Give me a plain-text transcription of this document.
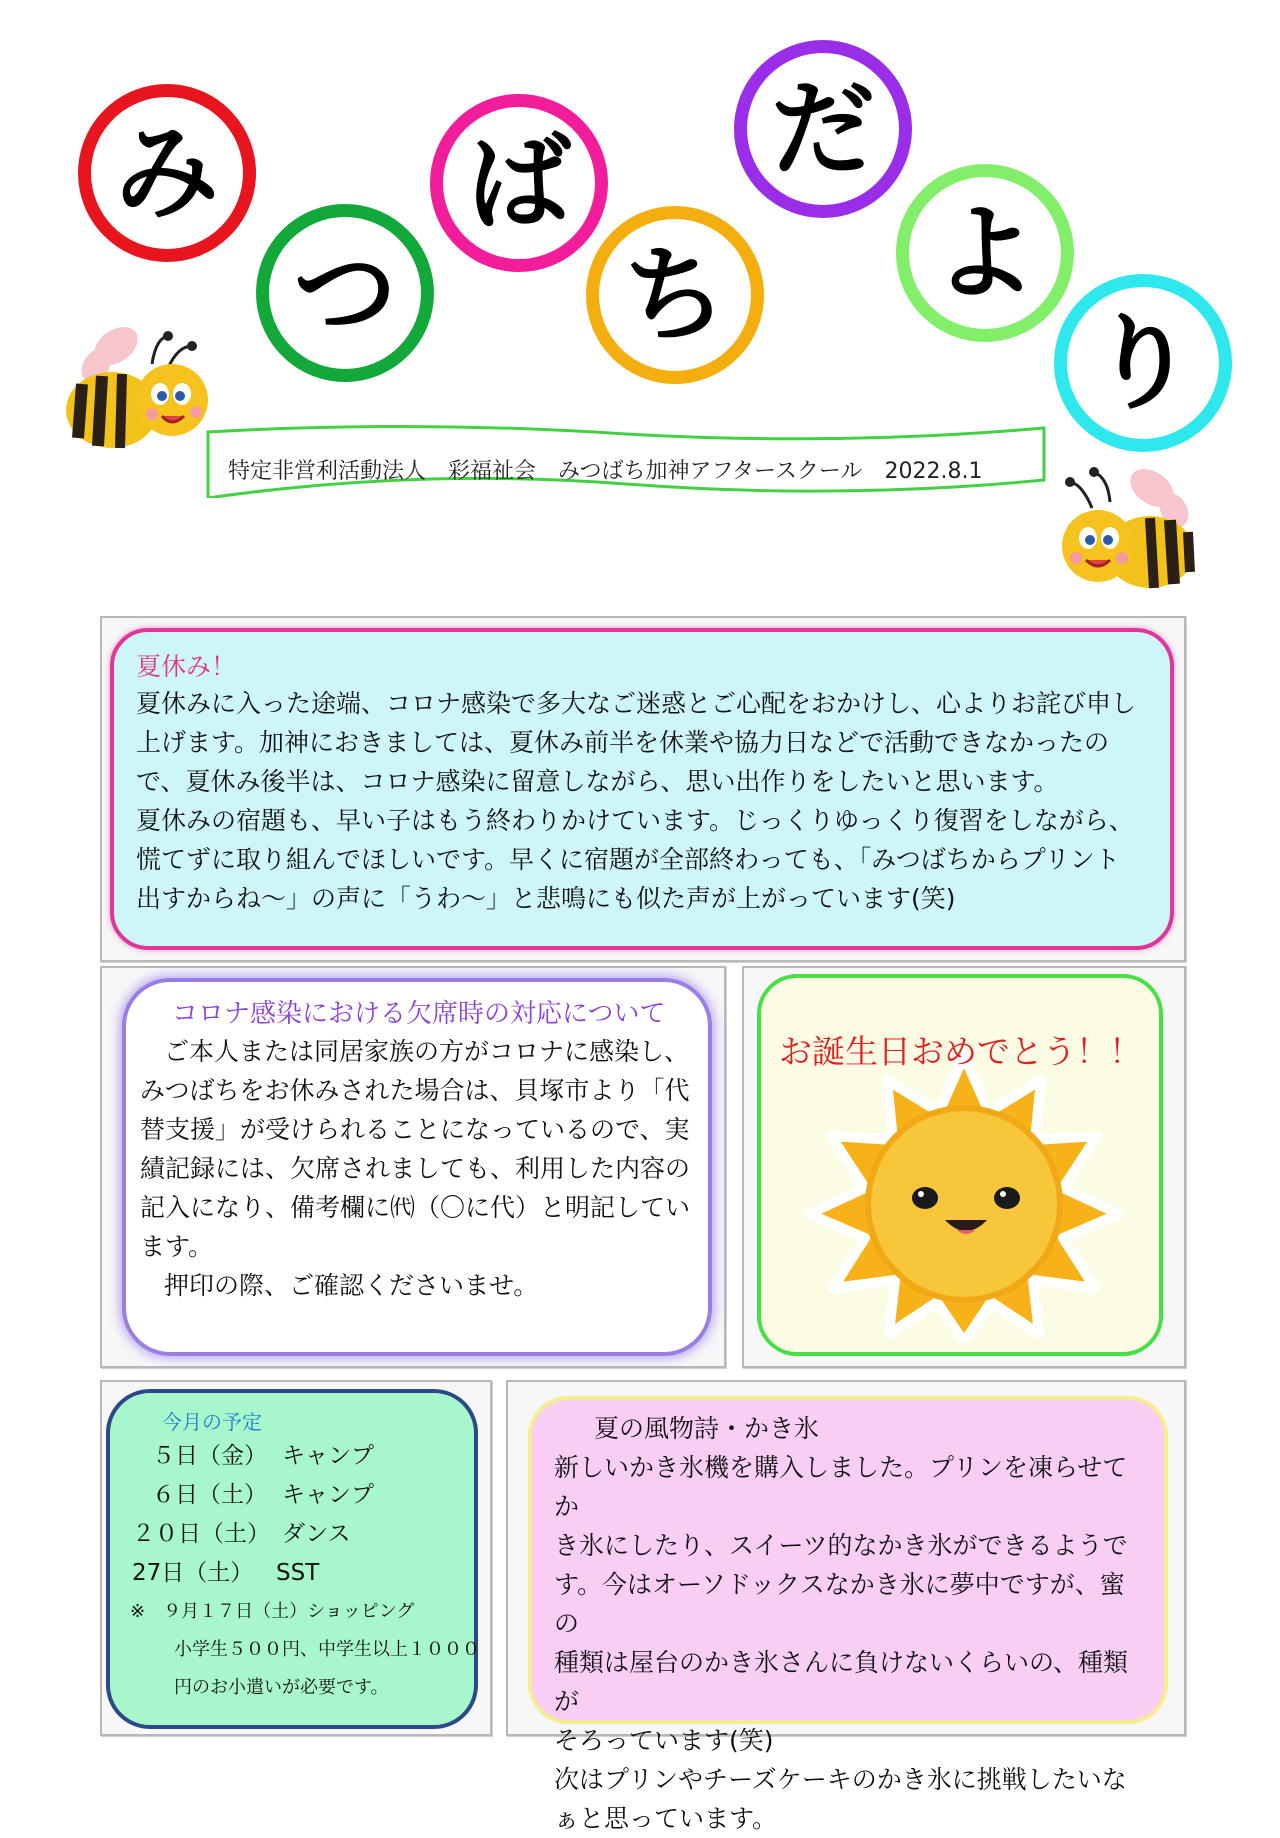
み
つ
ば
ち
だ
よ
り
特定非営利活動法人　彩福祉会　みつばち加神アフタースクール　2022.8.1
夏休み！

夏休みに入った途端、コロナ感染で多大なご迷惑とご心配をおかけし、心よりお詫び申し

上げます。加神におきましては、夏休み前半を休業や協力日などで活動できなかったの

で、夏休み後半は、コロナ感染に留意しながら、思い出作りをしたいと思います。

夏休みの宿題も、早い子はもう終わりかけています。じっくりゆっくり復習をしながら、

慌てずに取り組んでほしいです。早くに宿題が全部終わっても、「みつばちからプリント

出すからね～」の声に「うわ～」と悲鳴にも似た声が上がっています(笑)

コロナ感染における欠席時の対応について

ご本人または同居家族の方がコロナに感染し、

みつばちをお休みされた場合は、貝塚市より「代

替支援」が受けられることになっているので、実

績記録には、欠席されましても、利用した内容の

記入になり、備考欄に㈹（〇に代）と明記してい

ます。

押印の際、ご確認くださいませ。

お誕生日おめでとう！！
今月の予定
５日（金） キャンプ
６日（土） キャンプ
２０日（土） ダンス
27日（土） SST
※　９月１７日（土）ショッピング
小学生５００円、中学生以上１０００
円のお小遣いが必要です。
夏の風物詩・かき氷

新しいかき氷機を購入しました。プリンを凍らせてか

き氷にしたり、スイーツ的なかき氷ができるようで

す。今はオーソドックスなかき氷に夢中ですが、蜜の

種類は屋台のかき氷さんに負けないくらいの、種類が

そろっています(笑)

次はプリンやチーズケーキのかき氷に挑戦したいな

ぁと思っています。
